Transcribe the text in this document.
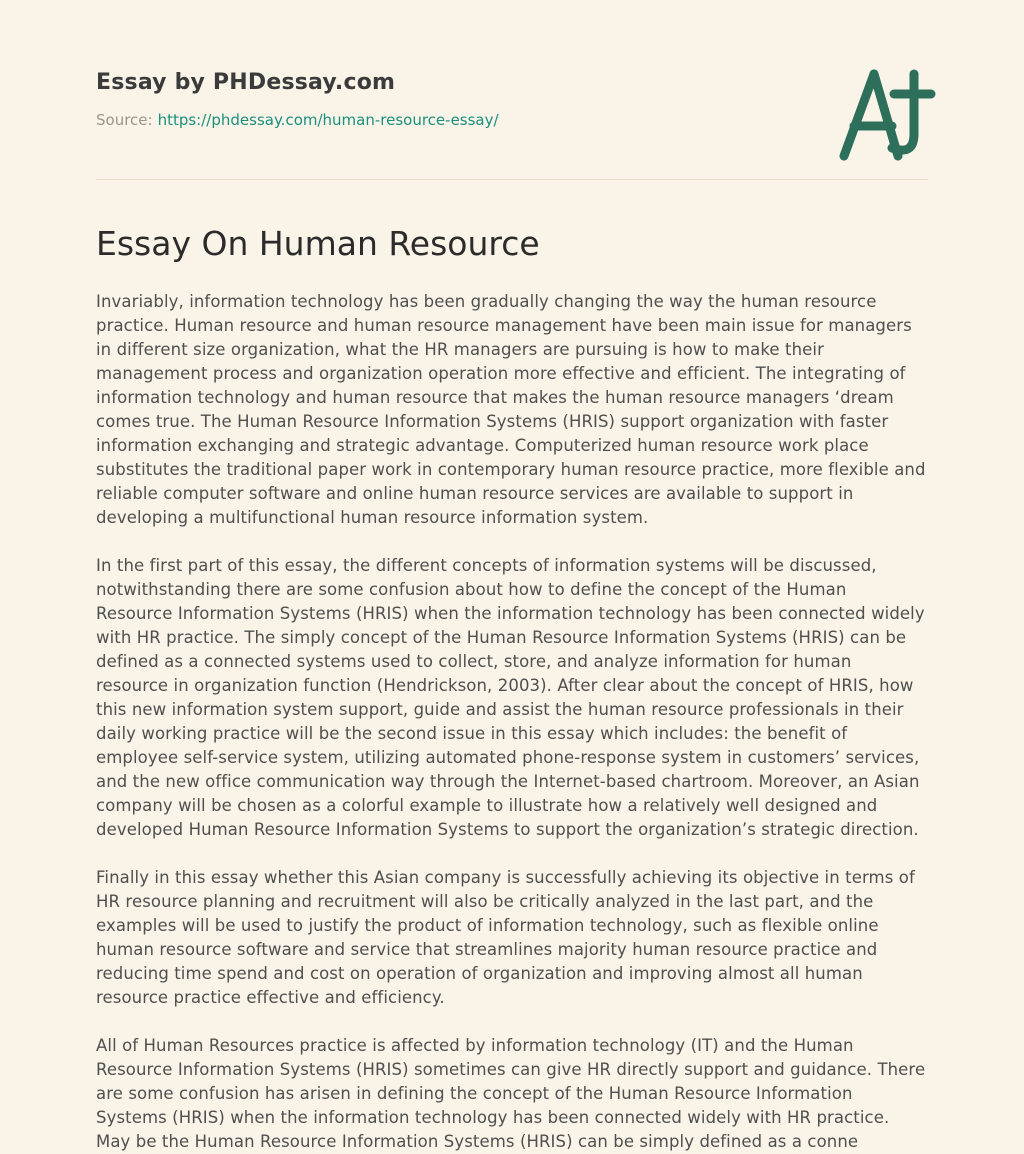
Essay by PHDessay.com
Source: https://phdessay.com/human-resource-essay/
Essay On Human Resource

Invariably, information technology has been gradually changing the way the human resource practice. Human resource and human resource management have been main issue for managers in different size organization, what the HR managers are pursuing is how to make their management process and organization operation more effective and efficient. The integrating of information technology and human resource that makes the human resource managers ‘dream comes true. The Human Resource Information Systems (HRIS) support organization with faster information exchanging and strategic advantage. Computerized human resource work place substitutes the traditional paper work in contemporary human resource practice, more flexible and reliable computer software and online human resource services are available to support in developing a multifunctional human resource information system.

In the first part of this essay, the different concepts of information systems will be discussed, notwithstanding there are some confusion about how to define the concept of the Human Resource Information Systems (HRIS) when the information technology has been connected widely with HR practice. The simply concept of the Human Resource Information Systems (HRIS) can be defined as a connected systems used to collect, store, and analyze information for human resource in organization function (Hendrickson, 2003). After clear about the concept of HRIS, how this new information system support, guide and assist the human resource professionals in their daily working practice will be the second issue in this essay which includes: the benefit of employee self-service system, utilizing automated phone-response system in customers’ services, and the new office communication way through the Internet-based chartroom. Moreover, an Asian company will be chosen as a colorful example to illustrate how a relatively well designed and developed Human Resource Information Systems to support the organization’s strategic direction.

Finally in this essay whether this Asian company is successfully achieving its objective in terms of HR resource planning and recruitment will also be critically analyzed in the last part, and the examples will be used to justify the product of information technology, such as flexible online human resource software and service that streamlines majority human resource practice and reducing time spend and cost on operation of organization and improving almost all human resource practice effective and efficiency.

All of Human Resources practice is affected by information technology (IT) and the Human Resource Information Systems (HRIS) sometimes can give HR directly support and guidance. There are some confusion has arisen in defining the concept of the Human Resource Information Systems (HRIS) when the information technology has been connected widely with HR practice. May be the Human Resource Information Systems (HRIS) can be simply defined as a conne
